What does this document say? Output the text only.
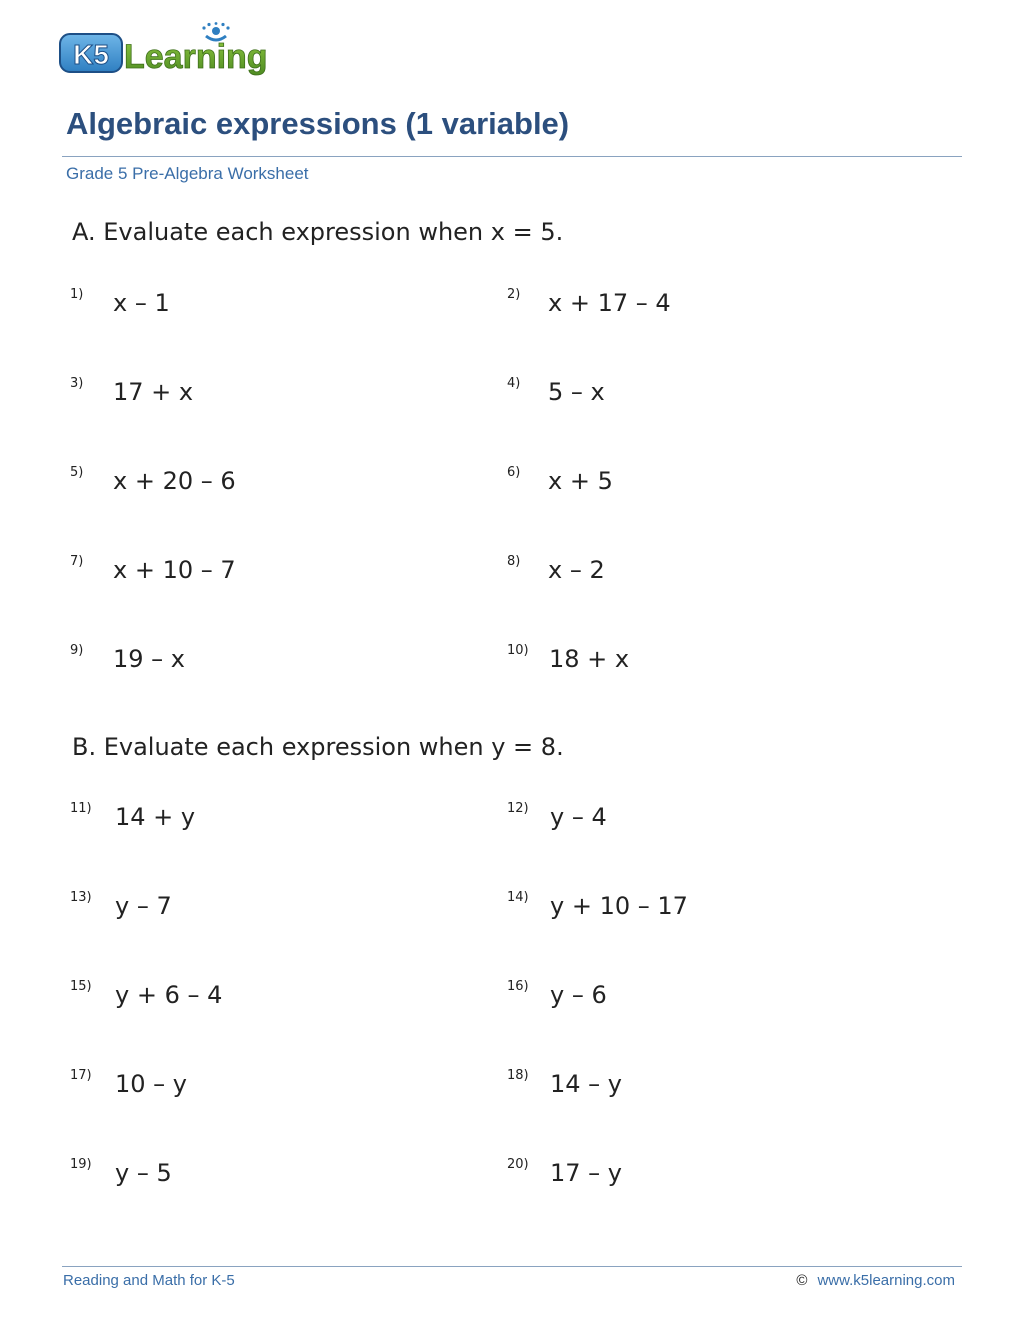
K5 Learning
Algebraic expressions (1 variable)
Grade 5 Pre-Algebra Worksheet
A. Evaluate each expression when x = 5.
1) x – 1	2) x + 17 – 4
3) 17 + x	4) 5 – x
5) x + 20 – 6	6) x + 5
7) x + 10 – 7	8) x – 2
9) 19 – x	10) 18 + x
B. Evaluate each expression when y = 8.
11) 14 + y	12) y – 4
13) y – 7	14) y + 10 – 17
15) y + 6 – 4	16) y – 6
17) 10 – y	18) 14 – y
19) y – 5	20) 17 – y
Reading and Math for K-5	© www.k5learning.com
